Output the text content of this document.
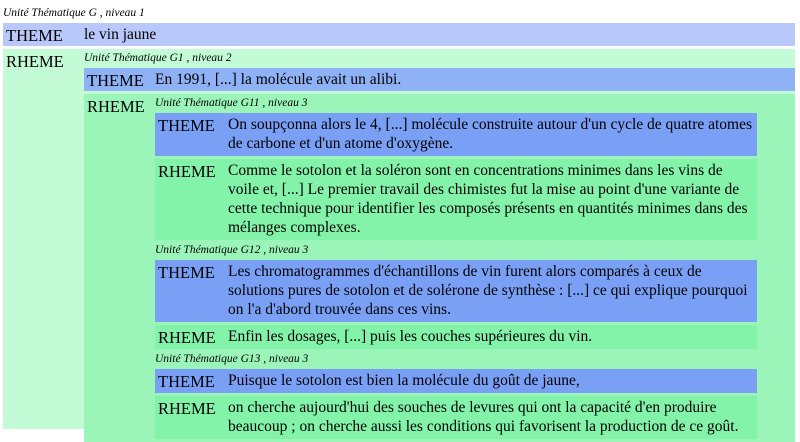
Unité Thématique G , niveau 1
THEME	le vin jaune
RHEME	Unité Thématique G1 , niveau 2
THEME En 1991, [...] la molécule avait un alibi.
RHEME Unité Thématique G11 , niveau 3
THEME On soupçonna alors le 4, [...] molécule construite autour d'un cycle de quatre atomes de carbone et d'un atome d'oxygène.
RHEME Comme le sotolon et la soléron sont en concentrations minimes dans les vins de voile et, [...] Le premier travail des chimistes fut la mise au point d'une variante de cette technique pour identifier les composés présents en quantités minimes dans des mélanges complexes.
Unité Thématique G12 , niveau 3
THEME Les chromatogrammes d'échantillons de vin furent alors comparés à ceux de solutions pures de sotolon et de solérone de synthèse : [...] ce qui explique pourquoi on l'a d'abord trouvée dans ces vins.
RHEME Enfin les dosages, [...] puis les couches supérieures du vin.
Unité Thématique G13 , niveau 3
THEME Puisque le sotolon est bien la molécule du goût de jaune,
RHEME on cherche aujourd'hui des souches de levures qui ont la capacité d'en produire beaucoup ; on cherche aussi les conditions qui favorisent la production de ce goût.
